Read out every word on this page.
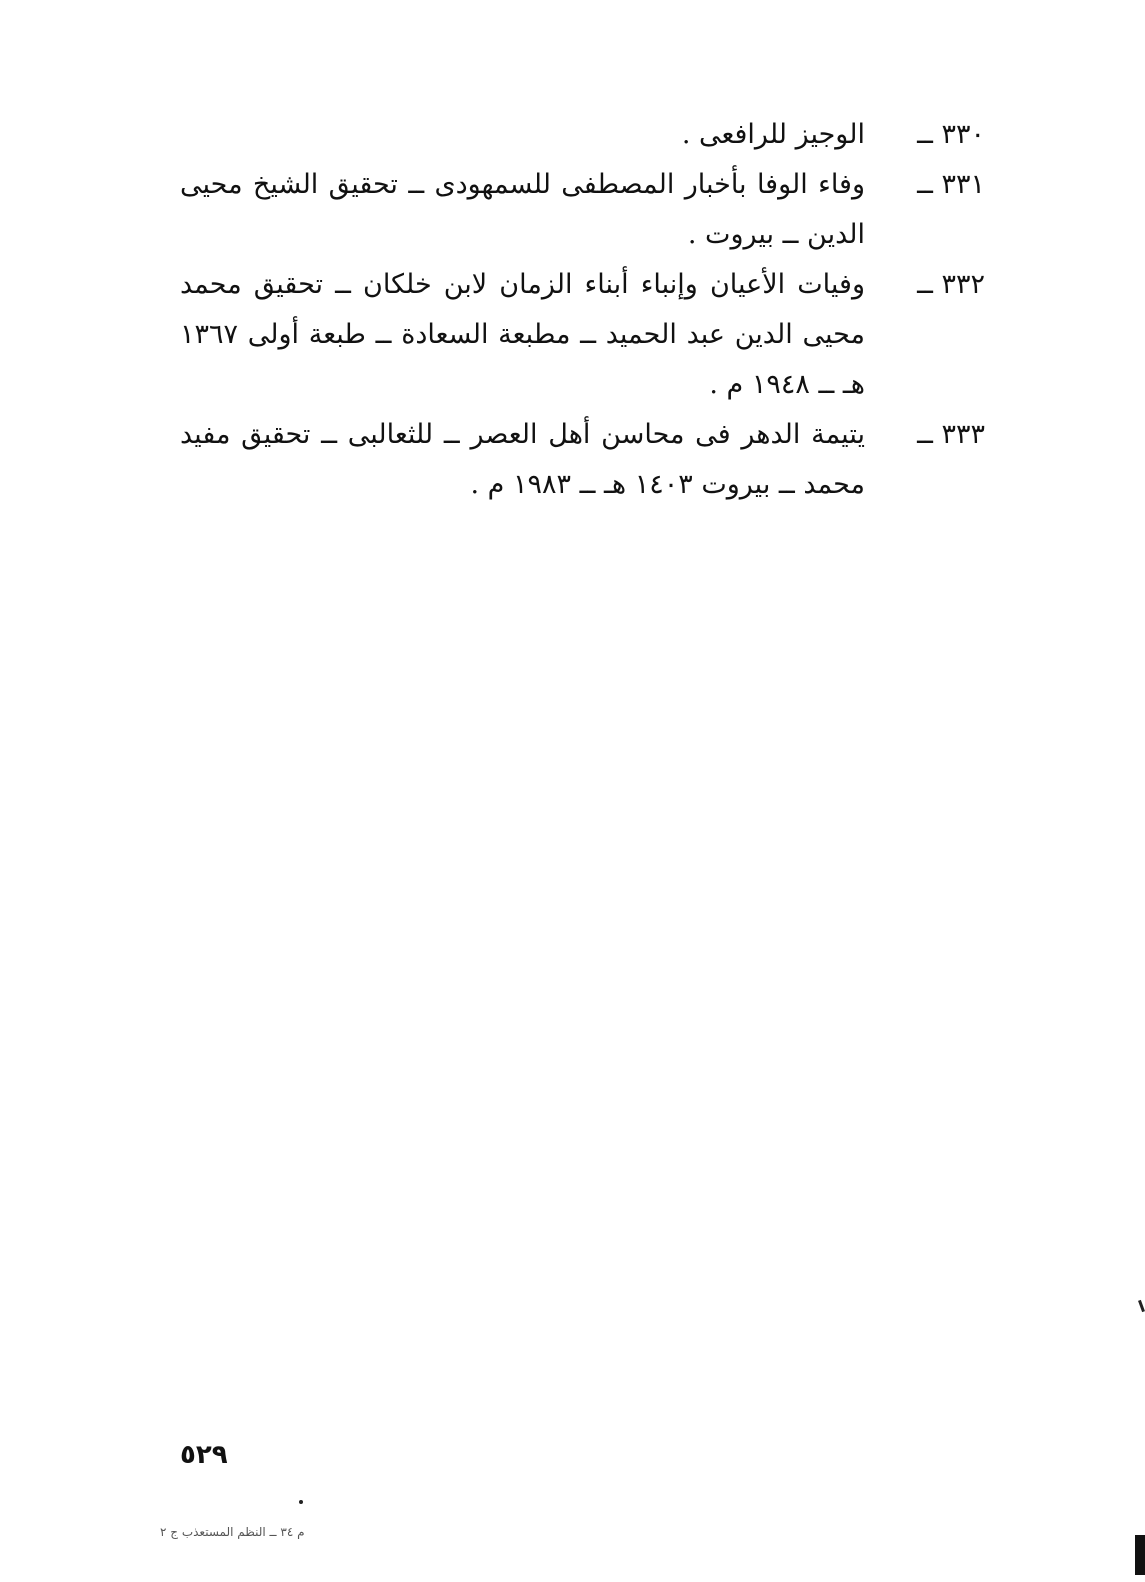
٣٣٠ ــ
الوجيز للرافعى .
٣٣١ ــ
وفاء الوفا بأخبار المصطفى للسمهودى ــ تحقيق الشيخ محيى الدين ــ بيروت .
٣٣٢ ــ
وفيات الأعيان وإنباء أبناء الزمان لابن خلكان ــ تحقيق محمد محيى الدين عبد الحميد ــ مطبعة السعادة ــ طبعة أولى ١٣٦٧ هـ ــ ١٩٤٨ م .
٣٣٣ ــ
يتيمة الدهر فى محاسن أهل العصر ــ للثعالبى ــ تحقيق مفيد محمد ــ بيروت ١٤٠٣ هـ ــ ١٩٨٣ م .
٥٢٩
م ٣٤ ــ النظم المستعذب ج ٢
